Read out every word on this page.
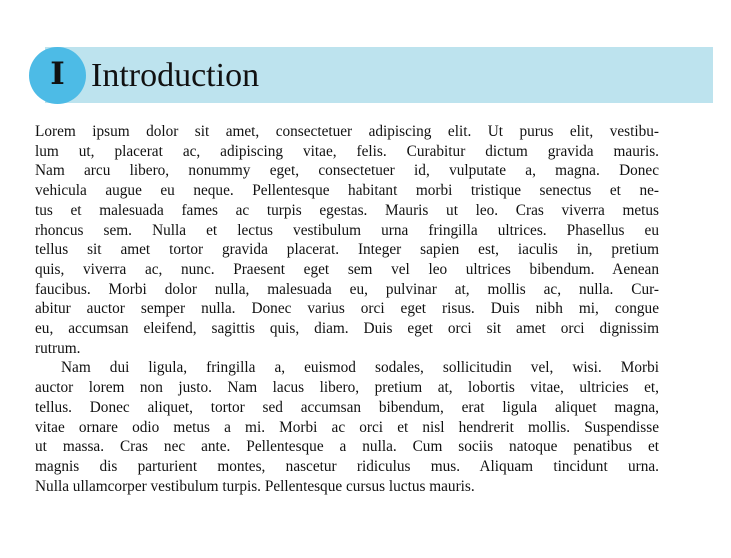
I Introduction

Lorem ipsum dolor sit amet, consectetuer adipiscing elit. Ut purus elit, vestibu-
lum ut, placerat ac, adipiscing vitae, felis. Curabitur dictum gravida mauris.
Nam arcu libero, nonummy eget, consectetuer id, vulputate a, magna. Donec
vehicula augue eu neque. Pellentesque habitant morbi tristique senectus et ne-
tus et malesuada fames ac turpis egestas. Mauris ut leo. Cras viverra metus
rhoncus sem. Nulla et lectus vestibulum urna fringilla ultrices. Phasellus eu
tellus sit amet tortor gravida placerat. Integer sapien est, iaculis in, pretium
quis, viverra ac, nunc. Praesent eget sem vel leo ultrices bibendum. Aenean
faucibus. Morbi dolor nulla, malesuada eu, pulvinar at, mollis ac, nulla. Cur-
abitur auctor semper nulla. Donec varius orci eget risus. Duis nibh mi, congue
eu, accumsan eleifend, sagittis quis, diam. Duis eget orci sit amet orci dignissim
rutrum.

Nam dui ligula, fringilla a, euismod sodales, sollicitudin vel, wisi. Morbi
auctor lorem non justo. Nam lacus libero, pretium at, lobortis vitae, ultricies et,
tellus. Donec aliquet, tortor sed accumsan bibendum, erat ligula aliquet magna,
vitae ornare odio metus a mi. Morbi ac orci et nisl hendrerit mollis. Suspendisse
ut massa. Cras nec ante. Pellentesque a nulla. Cum sociis natoque penatibus et
magnis dis parturient montes, nascetur ridiculus mus. Aliquam tincidunt urna.
Nulla ullamcorper vestibulum turpis. Pellentesque cursus luctus mauris.
